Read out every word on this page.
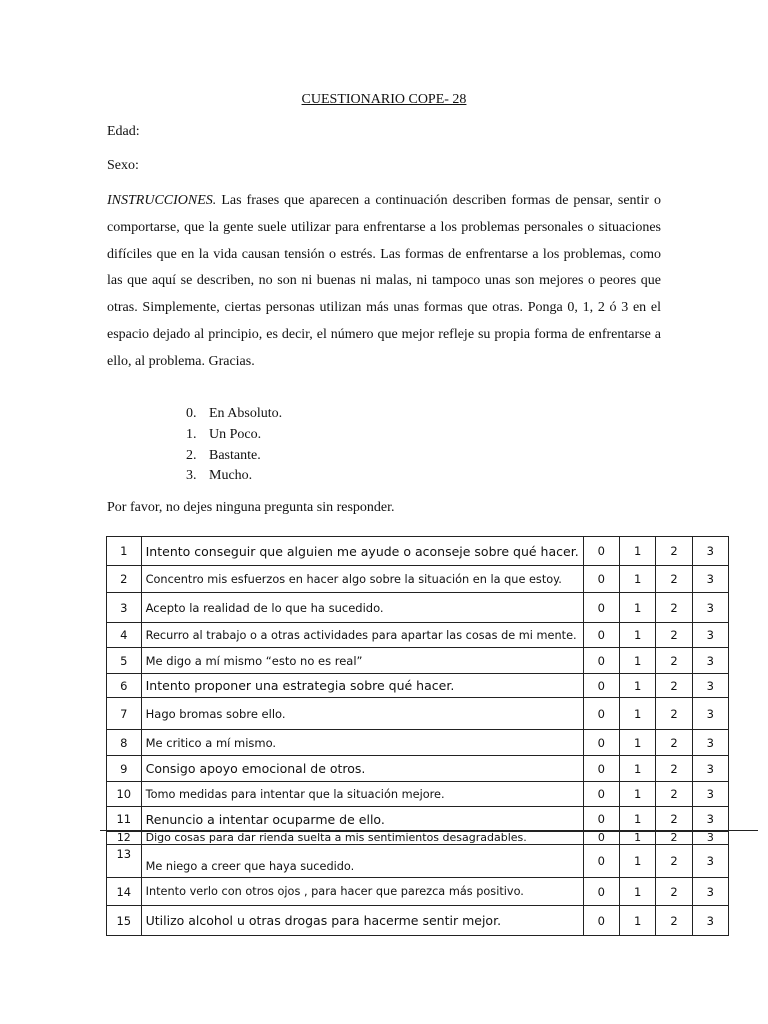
CUESTIONARIO COPE- 28
Edad:
Sexo:
INSTRUCCIONES. Las frases que aparecen a continuación describen formas de pensar, sentir o comportarse, que la gente suele utilizar para enfrentarse a los problemas personales o situaciones difíciles que en la vida causan tensión o estrés. Las formas de enfrentarse a los problemas, como las que aquí se describen, no son ni buenas ni malas, ni tampoco unas son mejores o peores que otras. Simplemente, ciertas personas utilizan más unas formas que otras. Ponga 0, 1, 2 ó 3 en el espacio dejado al principio, es decir, el número que mejor refleje su propia forma de enfrentarse a ello, al problema. Gracias.
0. En Absoluto.
1. Un Poco.
2. Bastante.
3. Mucho.
Por favor, no dejes ninguna pregunta sin responder.
1	Intento conseguir que alguien me ayude o aconseje sobre qué hacer.	0	1	2	3
2	Concentro mis esfuerzos en hacer algo sobre la situación en la que estoy.	0	1	2	3
3	Acepto la realidad de lo que ha sucedido.	0	1	2	3
4	Recurro al trabajo o a otras actividades para apartar las cosas de mi mente.	0	1	2	3
5	Me digo a mí mismo “esto no es real”	0	1	2	3
6	Intento proponer una estrategia sobre qué hacer.	0	1	2	3
7	Hago bromas sobre ello.	0	1	2	3
8	Me critico a mí mismo.	0	1	2	3
9	Consigo apoyo emocional de otros.	0	1	2	3
10	Tomo medidas para intentar que la situación mejore.	0	1	2	3
11	Renuncio a intentar ocuparme de ello.	0	1	2	3
12	Digo cosas para dar rienda suelta a mis sentimientos desagradables.	0	1	2	3
13	Me niego a creer que haya sucedido.	0	1	2	3
14	Intento verlo con otros ojos , para hacer que parezca más positivo.	0	1	2	3
15	Utilizo alcohol u otras drogas para hacerme sentir mejor.	0	1	2	3
